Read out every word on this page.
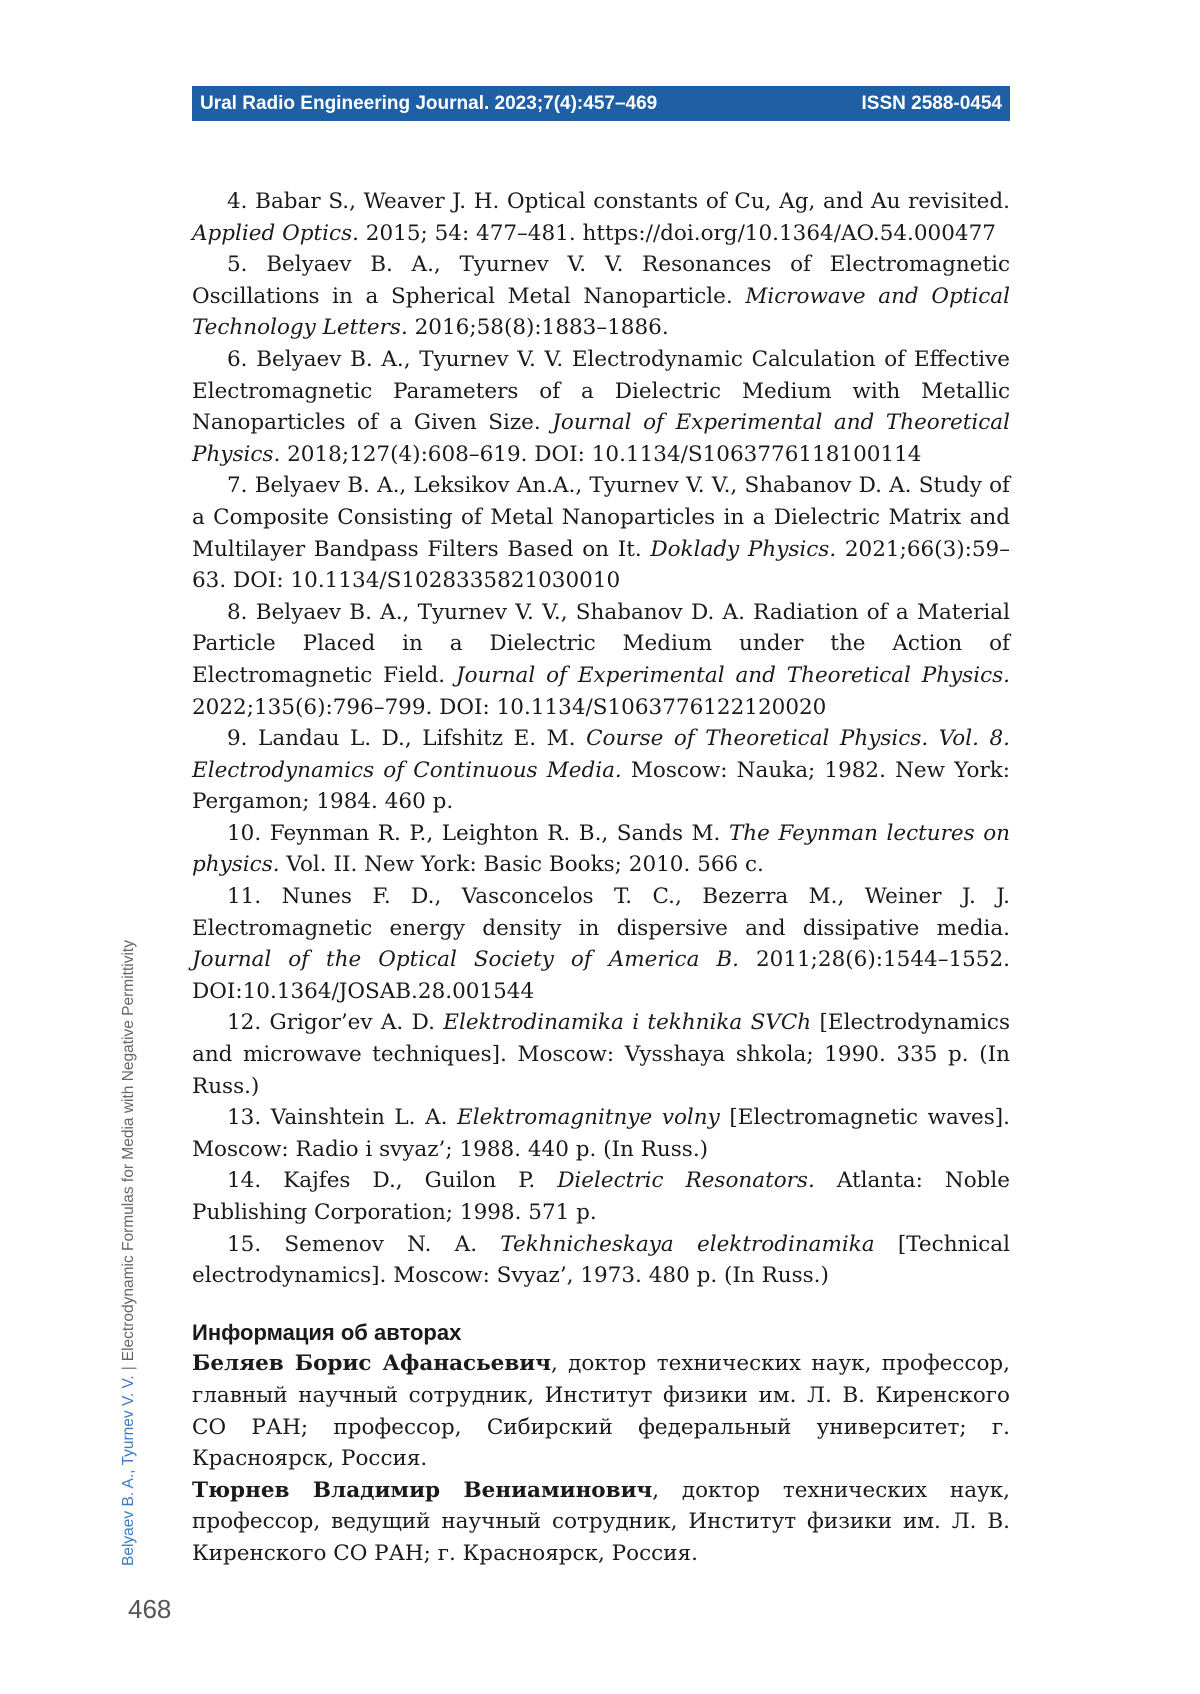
Ural Radio Engineering Journal. 2023;7(4):457–469	ISSN 2588-0454

4. Babar S., Weaver J. H. Optical constants of Cu, Ag, and Au revisited. Applied Optics. 2015; 54: 477–481. https://doi.org/10.1364/AO.54.000477

5. Belyaev B. A., Tyurnev V. V. Resonances of Electromagnetic Oscillations in a Spherical Metal Nanoparticle. Microwave and Optical Technology Letters. 2016;58(8):1883–1886.

6. Belyaev B. A., Tyurnev V. V. Electrodynamic Calculation of Effective Electromagnetic Parameters of a Dielectric Medium with Metallic Nanoparticles of a Given Size. Journal of Experimental and Theoretical Physics. 2018;127(4):608–619. DOI: 10.1134/S1063776118100114

7. Belyaev B. A., Leksikov An.A., Tyurnev V. V., Shabanov D. A. Study of a Composite Consisting of Metal Nanoparticles in a Dielectric Matrix and Multilayer Bandpass Filters Based on It. Doklady Physics. 2021;66(3):59–63. DOI: 10.1134/S1028335821030010

8. Belyaev B. A., Tyurnev V. V., Shabanov D. A. Radiation of a Material Particle Placed in a Dielectric Medium under the Action of Electromagnetic Field. Journal of Experimental and Theoretical Physics. 2022;135(6):796–799. DOI: 10.1134/S1063776122120020

9. Landau L. D., Lifshitz E. M. Course of Theoretical Physics. Vol. 8. Electrodynamics of Continuous Media. Moscow: Nauka; 1982. New York: Pergamon; 1984. 460 p.

10. Feynman R. P., Leighton R. B., Sands M. The Feynman lectures on physics. Vol. II. New York: Basic Books; 2010. 566 c.

11. Nunes F. D., Vasconcelos T. C., Bezerra M., Weiner J. J. Electromagnetic energy density in dispersive and dissipative media. Journal of the Optical Society of America B. 2011;28(6):1544–1552. DOI:10.1364/JOSAB.28.001544

12. Grigor’ev A. D. Elektrodinamika i tekhnika SVCh [Electrodynamics and microwave techniques]. Moscow: Vysshaya shkola; 1990. 335 p. (In Russ.)

13. Vainshtein L. A. Elektromagnitnye volny [Electromagnetic waves]. Moscow: Radio i svyaz’; 1988. 440 p. (In Russ.)

14. Kajfes D., Guilon P. Dielectric Resonators. Atlanta: Noble Publishing Corporation; 1998. 571 p.

15. Semenov N. A. Tekhnicheskaya elektrodinamika [Technical electrodynamics]. Moscow: Svyaz’, 1973. 480 p. (In Russ.)

Информация об авторах

Беляев Борис Афанасьевич, доктор технических наук, профессор, главный научный сотрудник, Институт физики им. Л. В. Киренского СО РАН; профессор, Сибирский федеральный университет; г. Красноярск, Россия.

Тюрнев Владимир Вениаминович, доктор технических наук, профессор, ведущий научный сотрудник, Институт физики им. Л. В. Киренского СО РАН; г. Красноярск, Россия.

Belyaev B. A., Tyurnev V. V.|Electrodynamic Formulas for Media with Negative Permittivity
468
